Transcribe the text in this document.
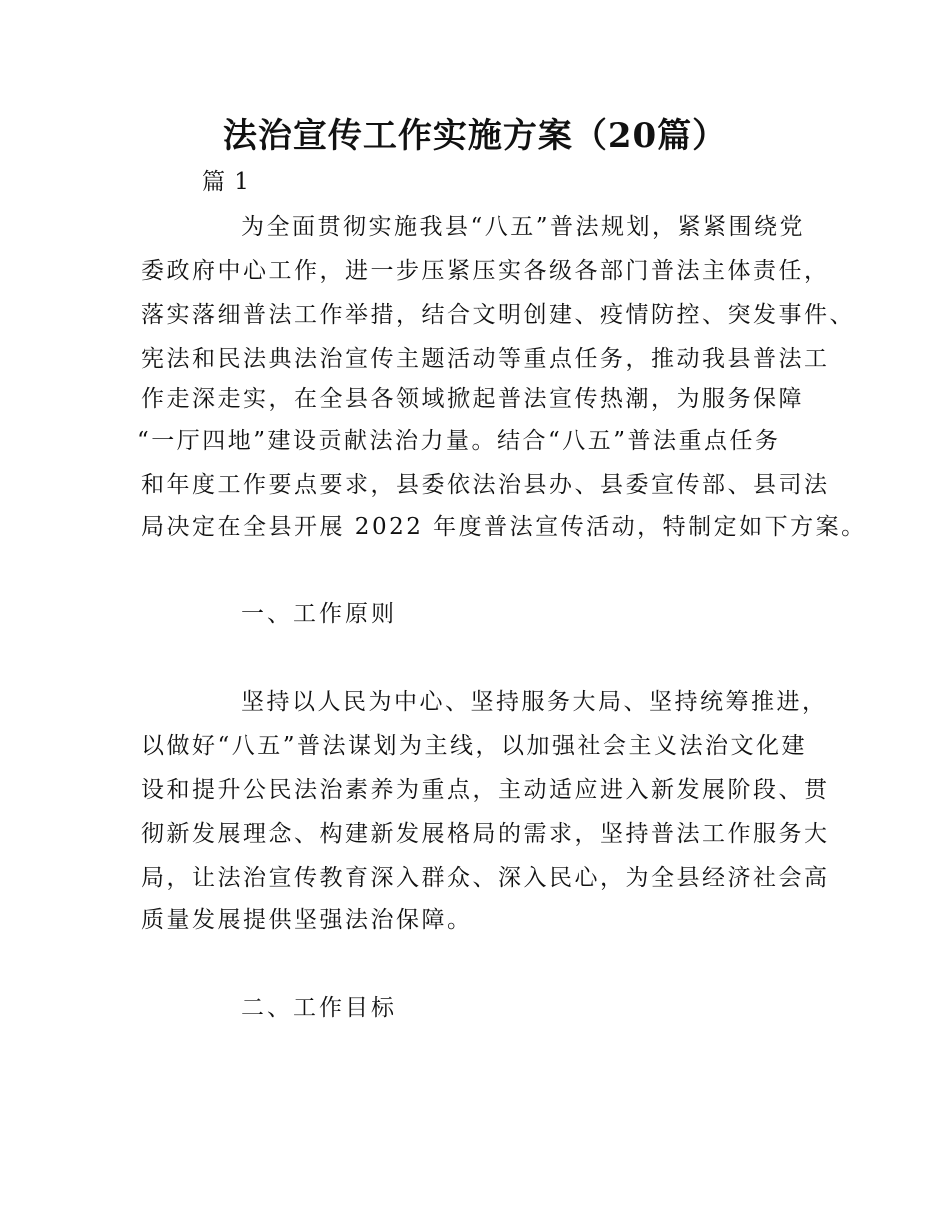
法治宣传工作实施方案（20篇）
篇 1
为全面贯彻实施我县“八五”普法规划，紧紧围绕党
委政府中心工作，进一步压紧压实各级各部门普法主体责任，
落实落细普法工作举措，结合文明创建、疫情防控、突发事件、
宪法和民法典法治宣传主题活动等重点任务，推动我县普法工
作走深走实，在全县各领域掀起普法宣传热潮，为服务保障
“一厅四地”建设贡献法治力量。结合“八五”普法重点任务
和年度工作要点要求，县委依法治县办、县委宣传部、县司法
局决定在全县开展 2022 年度普法宣传活动，特制定如下方案。
一、工作原则
坚持以人民为中心、坚持服务大局、坚持统筹推进，
以做好“八五”普法谋划为主线，以加强社会主义法治文化建
设和提升公民法治素养为重点，主动适应进入新发展阶段、贯
彻新发展理念、构建新发展格局的需求，坚持普法工作服务大
局，让法治宣传教育深入群众、深入民心，为全县经济社会高
质量发展提供坚强法治保障。
二、工作目标
